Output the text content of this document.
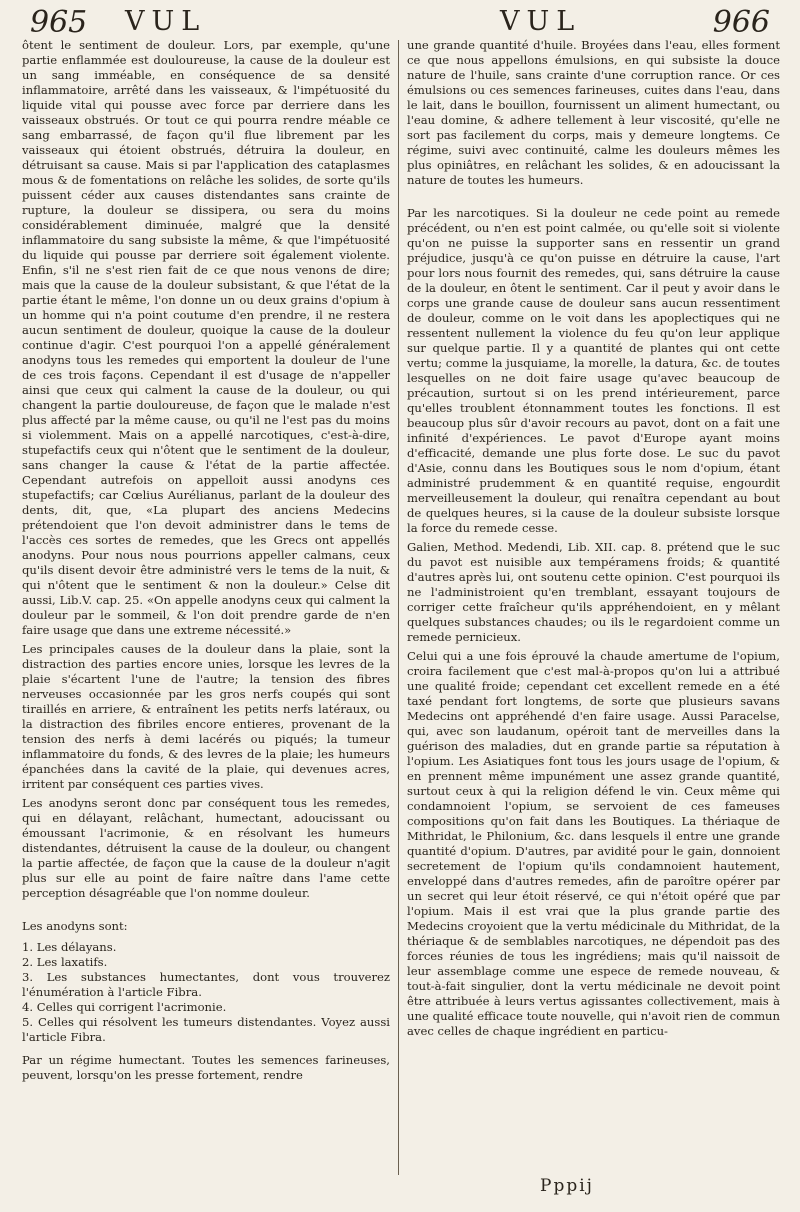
965 VUL	VUL	966

ôtent le sentiment de douleur. Lors, par exemple, qu'une partie enflammée est douloureuse, la cause de la douleur est un sang imméable, en conséquence de sa densité inflammatoire, arrêté dans les vaisseaux, & l'impétuosité du liquide vital qui pousse avec force par derriere dans les vaisseaux obstrués. Or tout ce qui pourra rendre méable ce sang embarrassé, de façon qu'il flue librement par les vaisseaux qui étoient obstrués, détruira la douleur, en détruisant sa cause. Mais si par l'application des cataplasmes mous & de fomentations on relâche les solides, de sorte qu'ils puissent céder aux causes distendantes sans crainte de rupture, la douleur se dissipera, ou sera du moins considérablement diminuée, malgré que la densité inflammatoire du sang subsiste la même, & que l'impétuosité du liquide qui pousse par derriere soit également violente. Enfin, s'il ne s'est rien fait de ce que nous venons de dire; mais que la cause de la douleur subsistant, & que l'état de la partie étant le même, l'on donne un ou deux grains d'opium à un homme qui n'a point coutume d'en prendre, il ne restera aucun sentiment de douleur, quoique la cause de la douleur continue d'agir. C'est pourquoi l'on a appellé généralement anodyns tous les remedes qui emportent la douleur de l'une de ces trois façons. Cependant il est d'usage de n'appeller ainsi que ceux qui calment la cause de la douleur, ou qui changent la partie douloureuse, de façon que le malade n'est plus affecté par la même cause, ou qu'il ne l'est pas du moins si violemment. Mais on a appellé narcotiques, c'est-à-dire, stupefactifs ceux qui n'ôtent que le sentiment de la douleur, sans changer la cause & l'état de la partie affectée. Cependant autrefois on appelloit aussi anodyns ces stupefactifs; car Cœlius Aurélianus, parlant de la douleur des dents, dit, que, «La plupart des anciens Medecins prétendoient que l'on devoit administrer dans le tems de l'accès ces sortes de remedes, que les Grecs ont appellés anodyns. Pour nous nous pourrions appeller calmans, ceux qu'ils disent devoir être administré vers le tems de la nuit, & qui n'ôtent que le sentiment & non la douleur.» Celse dit aussi, Lib.V. cap. 25. «On appelle anodyns ceux qui calment la douleur par le sommeil, & l'on doit prendre garde de n'en faire usage que dans une extreme nécessité.»

Les principales causes de la douleur dans la plaie, sont la distraction des parties encore unies, lorsque les levres de la plaie s'écartent l'une de l'autre; la tension des fibres nerveuses occasionnée par les gros nerfs coupés qui sont tiraillés en arriere, & entraînent les petits nerfs latéraux, ou la distraction des fibriles encore entieres, provenant de la tension des nerfs à demi lacérés ou piqués; la tumeur inflammatoire du fonds, & des levres de la plaie; les humeurs épanchées dans la cavité de la plaie, qui devenues acres, irritent par conséquent ces parties vives.

Les anodyns seront donc par conséquent tous les remedes, qui en délayant, relâchant, humectant, adoucissant ou émoussant l'acrimonie, & en résolvant les humeurs distendantes, détruisent la cause de la douleur, ou changent la partie affectée, de façon que la cause de la douleur n'agit plus sur elle au point de faire naître dans l'ame cette perception désagréable que l'on nomme douleur.

Les anodyns sont:

1. Les délayans.
2. Les laxatifs.
3. Les substances humectantes, dont vous trouverez l'énumération à l'article Fibra.
4. Celles qui corrigent l'acrimonie.
5. Celles qui résolvent les tumeurs distendantes. Voyez aussi l'article Fibra.

Par un régime humectant. Toutes les semences farineuses, peuvent, lorsqu'on les presse fortement, rendre

une grande quantité d'huile. Broyées dans l'eau, elles forment ce que nous appellons émulsions, en qui subsiste la douce nature de l'huile, sans crainte d'une corruption rance. Or ces émulsions ou ces semences farineuses, cuites dans l'eau, dans le lait, dans le bouillon, fournissent un aliment humectant, ou l'eau domine, & adhere tellement à leur viscosité, qu'elle ne sort pas facilement du corps, mais y demeure longtems. Ce régime, suivi avec continuité, calme les douleurs mêmes les plus opiniâtres, en relâchant les solides, & en adoucissant la nature de toutes les humeurs.

Par les narcotiques. Si la douleur ne cede point au remede précédent, ou n'en est point calmée, ou qu'elle soit si violente qu'on ne puisse la supporter sans en ressentir un grand préjudice, jusqu'à ce qu'on puisse en détruire la cause, l'art pour lors nous fournit des remedes, qui, sans détruire la cause de la douleur, en ôtent le sentiment. Car il peut y avoir dans le corps une grande cause de douleur sans aucun ressentiment de douleur, comme on le voit dans les apoplectiques qui ne ressentent nullement la violence du feu qu'on leur applique sur quelque partie. Il y a quantité de plantes qui ont cette vertu; comme la jusquiame, la morelle, la datura, &c. de toutes lesquelles on ne doit faire usage qu'avec beaucoup de précaution, surtout si on les prend intérieurement, parce qu'elles troublent étonnamment toutes les fonctions. Il est beaucoup plus sûr d'avoir recours au pavot, dont on a fait une infinité d'expériences. Le pavot d'Europe ayant moins d'efficacité, demande une plus forte dose. Le suc du pavot d'Asie, connu dans les Boutiques sous le nom d'opium, étant administré prudemment & en quantité requise, engourdit merveilleusement la douleur, qui renaîtra cependant au bout de quelques heures, si la cause de la douleur subsiste lorsque la force du remede cesse.

Galien, Method. Medendi, Lib. XII. cap. 8. prétend que le suc du pavot est nuisible aux tempéramens froids; & quantité d'autres après lui, ont soutenu cette opinion. C'est pourquoi ils ne l'administroient qu'en tremblant, essayant toujours de corriger cette fraîcheur qu'ils appréhendoient, en y mêlant quelques substances chaudes; ou ils le regardoient comme un remede pernicieux.

Celui qui a une fois éprouvé la chaude amertume de l'opium, croira facilement que c'est mal-à-propos qu'on lui a attribué une qualité froide; cependant cet excellent remede en a été taxé pendant fort longtems, de sorte que plusieurs savans Medecins ont appréhendé d'en faire usage. Aussi Paracelse, qui, avec son laudanum, opéroit tant de merveilles dans la guérison des maladies, dut en grande partie sa réputation à l'opium. Les Asiatiques font tous les jours usage de l'opium, & en prennent même impunément une assez grande quantité, surtout ceux à qui la religion défend le vin. Ceux même qui condamnoient l'opium, se servoient de ces fameuses compositions qu'on fait dans les Boutiques. La thériaque de Mithridat, le Philonium, &c. dans lesquels il entre une grande quantité d'opium. D'autres, par avidité pour le gain, donnoient secretement de l'opium qu'ils condamnoient hautement, enveloppé dans d'autres remedes, afin de paroître opérer par un secret qui leur étoit réservé, ce qui n'étoit opéré que par l'opium. Mais il est vrai que la plus grande partie des Medecins croyoient que la vertu médicinale du Mithridat, de la thériaque & de semblables narcotiques, ne dépendoit pas des forces réunies de tous les ingrédiens; mais qu'il naissoit de leur assemblage comme une espece de remede nouveau, & tout-à-fait singulier, dont la vertu médicinale ne devoit point être attribuée à leurs vertus agissantes collectivement, mais à une qualité efficace toute nouvelle, qui n'avoit rien de commun avec celles de chaque ingrédient en particu-

Pppij
